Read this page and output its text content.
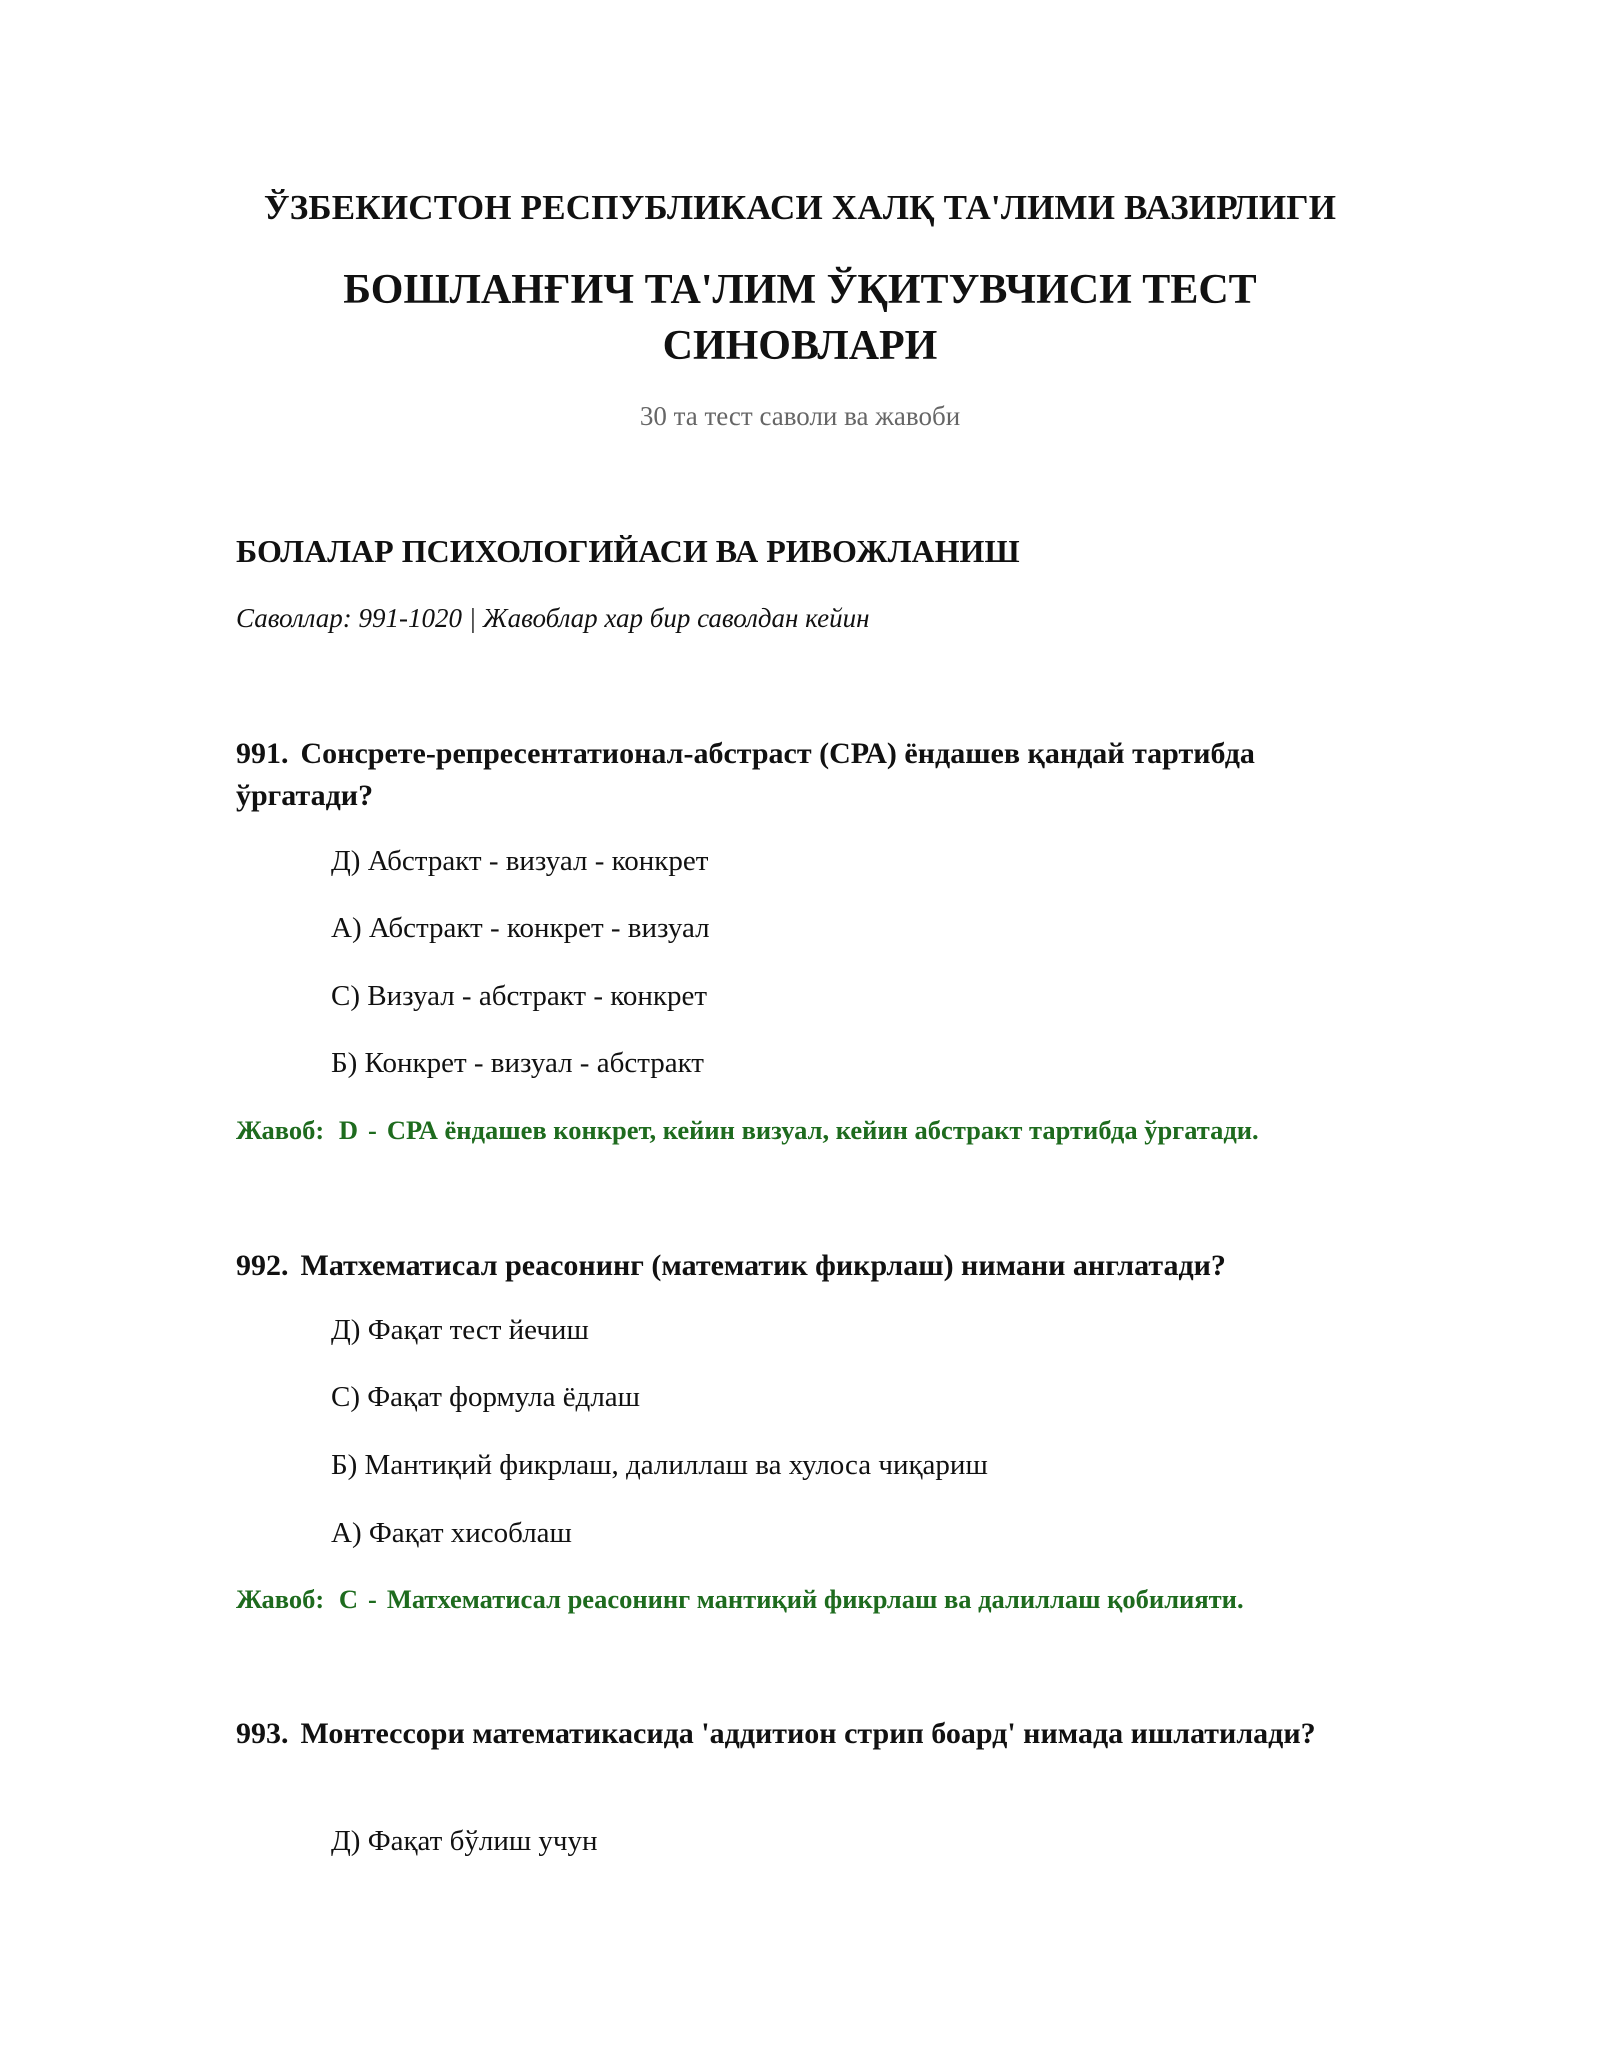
ЎЗБЕКИСТОН РЕСПУБЛИКАСИ ХАЛҚ ТА'ЛИМИ ВАЗИРЛИГИ
БОШЛАНҒИЧ ТА'ЛИМ ЎҚИТУВЧИСИ ТЕСТ СИНОВЛАРИ
30 та тест саволи ва жавоби
БОЛАЛАР ПСИХОЛОГИЙАСИ ВА РИВОЖЛАНИШ
Саволлар: 991-1020 | Жавоблар хар бир саволдан кейин
991. Сонсрете-репресентатионал-абстраст (СРА) ёндашев қандай тартибда ўргатади?
Д) Абстракт - визуал - конкрет
А) Абстракт - конкрет - визуал
С) Визуал - абстракт - конкрет
Б) Конкрет - визуал - абстракт
Жавоб: D - СРА ёндашев конкрет, кейин визуал, кейин абстракт тартибда ўргатади.
992. Матхематисал реасонинг (математик фикрлаш) нимани англатади?
Д) Фақат тест йечиш
С) Фақат формула ёдлаш
Б) Мантиқий фикрлаш, далиллаш ва хулоса чиқариш
А) Фақат хисоблаш
Жавоб: C - Матхематисал реасонинг мантиқий фикрлаш ва далиллаш қобилияти.
993. Монтессори математикасида 'аддитион стрип боард' нимада ишлатилади?
Д) Фақат бўлиш учун
